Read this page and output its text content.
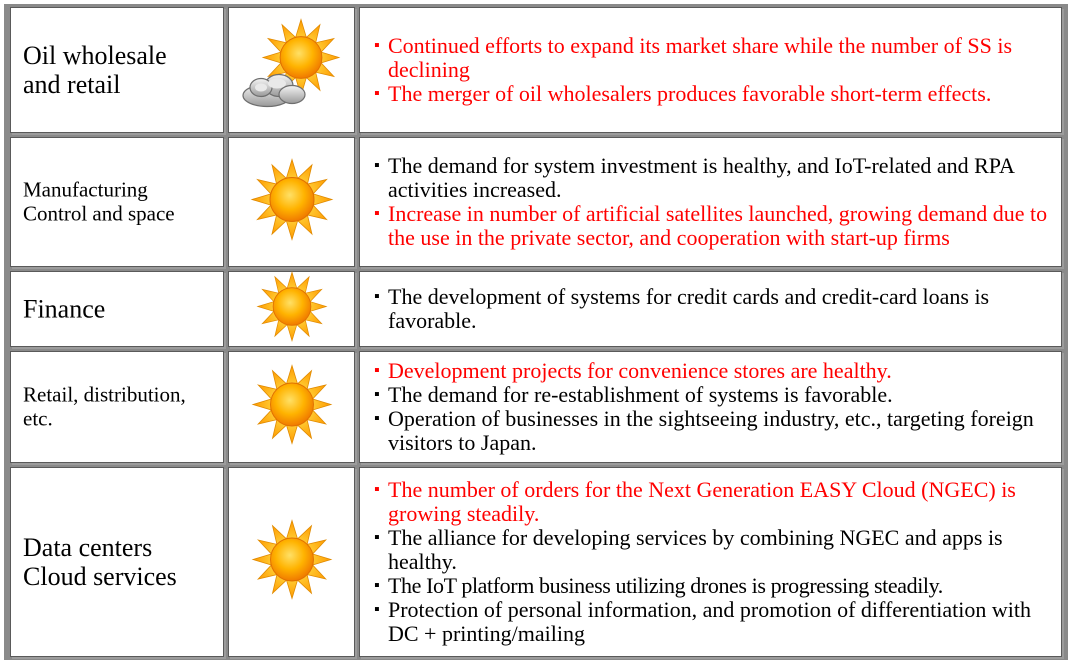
Oil wholesale
and retail
▪ Continued efforts to expand its market share while the number of SS is declining
▪ The merger of oil wholesalers produces favorable short-term effects.
Manufacturing
Control and space
▪ The demand for system investment is healthy, and IoT-related and RPA activities increased.
▪ Increase in number of artificial satellites launched, growing demand due to the use in the private sector, and cooperation with start-up firms
Finance	▪ The development of systems for credit cards and credit-card loans is favorable.
Retail, distribution,
etc.
▪ Development projects for convenience stores are healthy.
▪ The demand for re-establishment of systems is favorable.
▪ Operation of businesses in the sightseeing industry, etc., targeting foreign visitors to Japan.
Data centers
Cloud services
▪ The number of orders for the Next Generation EASY Cloud (NGEC) is growing steadily.
▪ The alliance for developing services by combining NGEC and apps is healthy.
▪ The IoT platform business utilizing drones is progressing steadily.
▪ Protection of personal information, and promotion of differentiation with DC + printing/mailing
